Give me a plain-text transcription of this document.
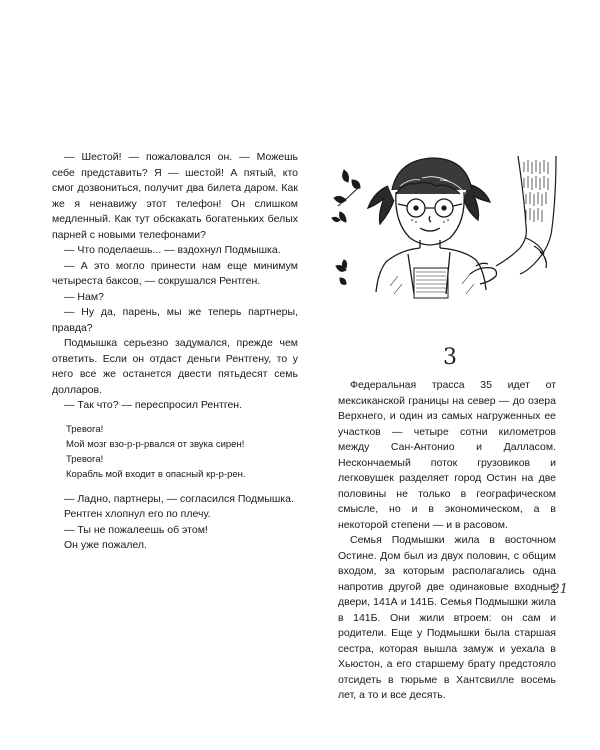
— Шестой! — пожаловался он. — Можешь себе представить? Я — шестой! А пятый, кто смог дозвониться, получит два билета даром. Как же я ненавижу этот телефон! Он слишком медленный. Как тут обскакать богатеньких белых парней с новыми телефонами?

— Что поделаешь... — вздохнул Подмышка.

— А это могло принести нам еще минимум четыреста баксов, — сокрушался Рентген.

— Нам?

— Ну да, парень, мы же теперь партнеры, правда?

Подмышка серьезно задумался, прежде чем ответить. Если он отдаст деньги Рентгену, то у него все же останется двести пятьдесят семь долларов.

— Так что? — переспросил Рентген.

Тревога!
Мой мозг взо-р-р-рвался от звука сирен!
Тревога!
Корабль мой входит в опасный кр-р-рен.

— Ладно, партнеры, — согласился Подмышка.

Рентген хлопнул его по плечу.

— Ты не пожалеешь об этом!

Он уже пожалел.

3

Федеральная трасса 35 идет от мексиканской границы на север — до озера Верхнего, и один из самых нагруженных ее участков — четыре сотни километров между Сан-Антонио и Далласом. Нескончаемый поток грузовиков и легковушек разделяет город Остин на две половины не только в географическом смысле, но и в экономическом, а в некоторой степени — и в расовом.

Семья Подмышки жила в восточном Остине. Дом был из двух половин, с общим входом, за которым располагались одна напротив другой две одинаковые входные двери, 141А и 141Б. Семья Подмышки жила в 141Б. Они жили втроем: он сам и родители. Еще у Подмышки была старшая сестра, которая вышла замуж и уехала в Хьюстон, а его старшему брату предстояло отсидеть в тюрьме в Хантсвилле восемь лет, а то и все десять.

21
